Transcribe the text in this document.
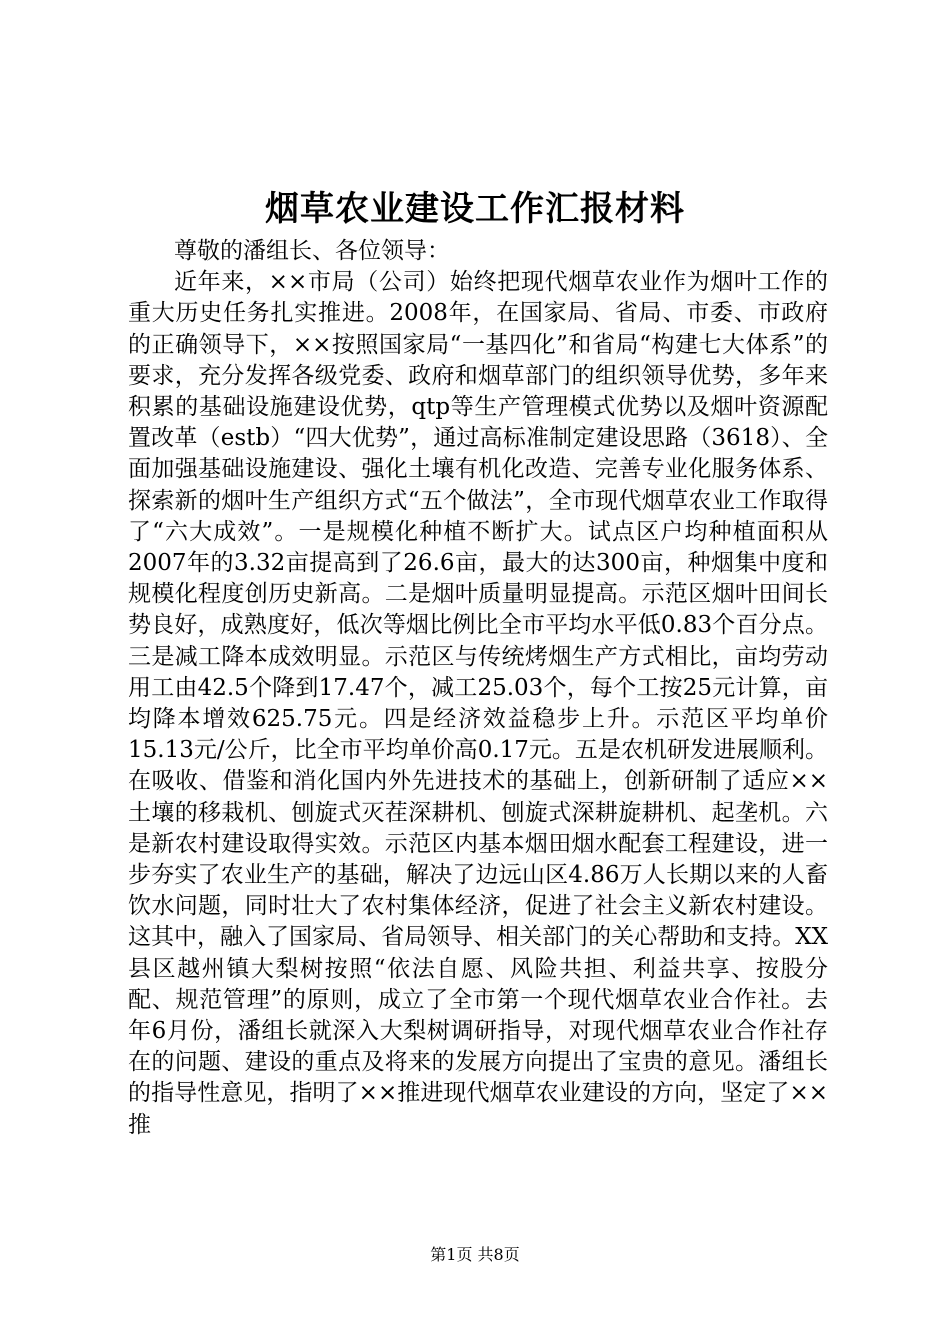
烟草农业建设工作汇报材料

尊敬的潘组长、各位领导：

近年来，××市局（公司）始终把现代烟草农业作为烟叶工作的重大历史任务扎实推进。2008年，在国家局、省局、市委、市政府的正确领导下，××按照国家局“一基四化”和省局“构建七大体系”的要求，充分发挥各级党委、政府和烟草部门的组织领导优势，多年来积累的基础设施建设优势，qtp等生产管理模式优势以及烟叶资源配置改革（estb）“四大优势”，通过高标准制定建设思路（3618）、全面加强基础设施建设、强化土壤有机化改造、完善专业化服务体系、探索新的烟叶生产组织方式“五个做法”，全市现代烟草农业工作取得了“六大成效”。一是规模化种植不断扩大。试点区户均种植面积从2007年的3.32亩提高到了26.6亩，最大的达300亩，种烟集中度和规模化程度创历史新高。二是烟叶质量明显提高。示范区烟叶田间长势良好，成熟度好，低次等烟比例比全市平均水平低0.83个百分点。三是减工降本成效明显。示范区与传统烤烟生产方式相比，亩均劳动用工由42.5个降到17.47个，减工25.03个，每个工按25元计算，亩均降本增效625.75元。四是经济效益稳步上升。示范区平均单价15.13元/公斤，比全市平均单价高0.17元。五是农机研发进展顺利。在吸收、借鉴和消化国内外先进技术的基础上，创新研制了适应××土壤的移栽机、刨旋式灭茬深耕机、刨旋式深耕旋耕机、起垄机。六是新农村建设取得实效。示范区内基本烟田烟水配套工程建设，进一步夯实了农业生产的基础，解决了边远山区4.86万人长期以来的人畜饮水问题，同时壮大了农村集体经济，促进了社会主义新农村建设。这其中，融入了国家局、省局领导、相关部门的关心帮助和支持。XX县区越州镇大梨树按照“依法自愿、风险共担、利益共享、按股分配、规范管理”的原则，成立了全市第一个现代烟草农业合作社。去年6月份，潘组长就深入大梨树调研指导，对现代烟草农业合作社存在的问题、建设的重点及将来的发展方向提出了宝贵的意见。潘组长的指导性意见，指明了××推进现代烟草农业建设的方向，坚定了××推

第1页 共8页
